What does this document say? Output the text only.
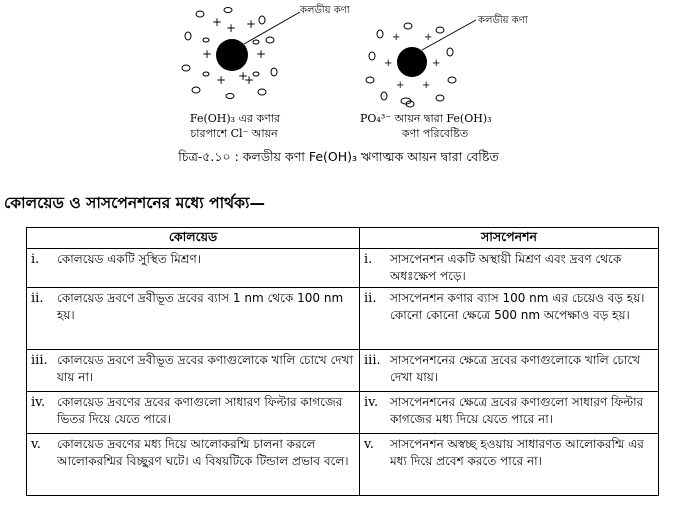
+ +
+	+
+ +
+
+
+ +
+	+
+ +
কলডীয় কণা
কলডীয় কণা
Fe(OH)₃ এর কণার
চারপাশে Cl⁻ আয়ন
PO₄³⁻ আয়ন দ্বারা Fe(OH)₃
কণা পরিবেষ্টিত
চিত্র-৫.১০ : কলডীয় কণা Fe(OH)₃ ঋণাত্মক আয়ন দ্বারা বেষ্টিত
কোলয়েড ও সাসপেনশনের মধ্যে পার্থক্য—
কোলয়েড	সাসপেনশন

i. কোলয়েড একটি সুস্থিত মিশ্রণ।	i. সাসপেনশন একটি অস্থায়ী মিশ্রণ এবং দ্রবণ থেকে অধঃক্ষেপ পড়ে।

ii. কোলয়েড দ্রবণে দ্রবীভূত দ্রবের ব্যাস 1 nm থেকে 100 nm হয়।	ii. সাসপেনশন কণার ব্যাস 100 nm এর চেয়েও বড় হয়। কোনো কোনো ক্ষেত্রে 500 nm অপেক্ষাও বড় হয়।

iii. কোলয়েড দ্রবণে দ্রবীভূত দ্রবের কণাগুলোকে খালি চোখে দেখা যায় না।	iii. সাসপেনশনের ক্ষেত্রে দ্রবের কণাগুলোকে খালি চোখে দেখা যায়।

iv. কোলয়েড দ্রবণের দ্রবের কণাগুলো সাধারণ ফিল্টার কাগজের ভিতর দিয়ে যেতে পারে।	iv. সাসপেনশনের ক্ষেত্রে দ্রবের কণাগুলো সাধারণ ফিল্টার কাগজের মধ্য দিয়ে যেতে পারে না।

v. কোলয়েড দ্রবণের মধ্য দিয়ে আলোকরশ্মি চালনা করলে আলোকরশ্মির বিচ্ছুরণ ঘটে। এ বিষয়টিকে টিন্ডাল প্রভাব বলে।	v. সাসপেনশন অস্বচ্ছ হওয়ায় সাধারণত আলোকরশ্মি এর মধ্য দিয়ে প্রবেশ করতে পারে না।
